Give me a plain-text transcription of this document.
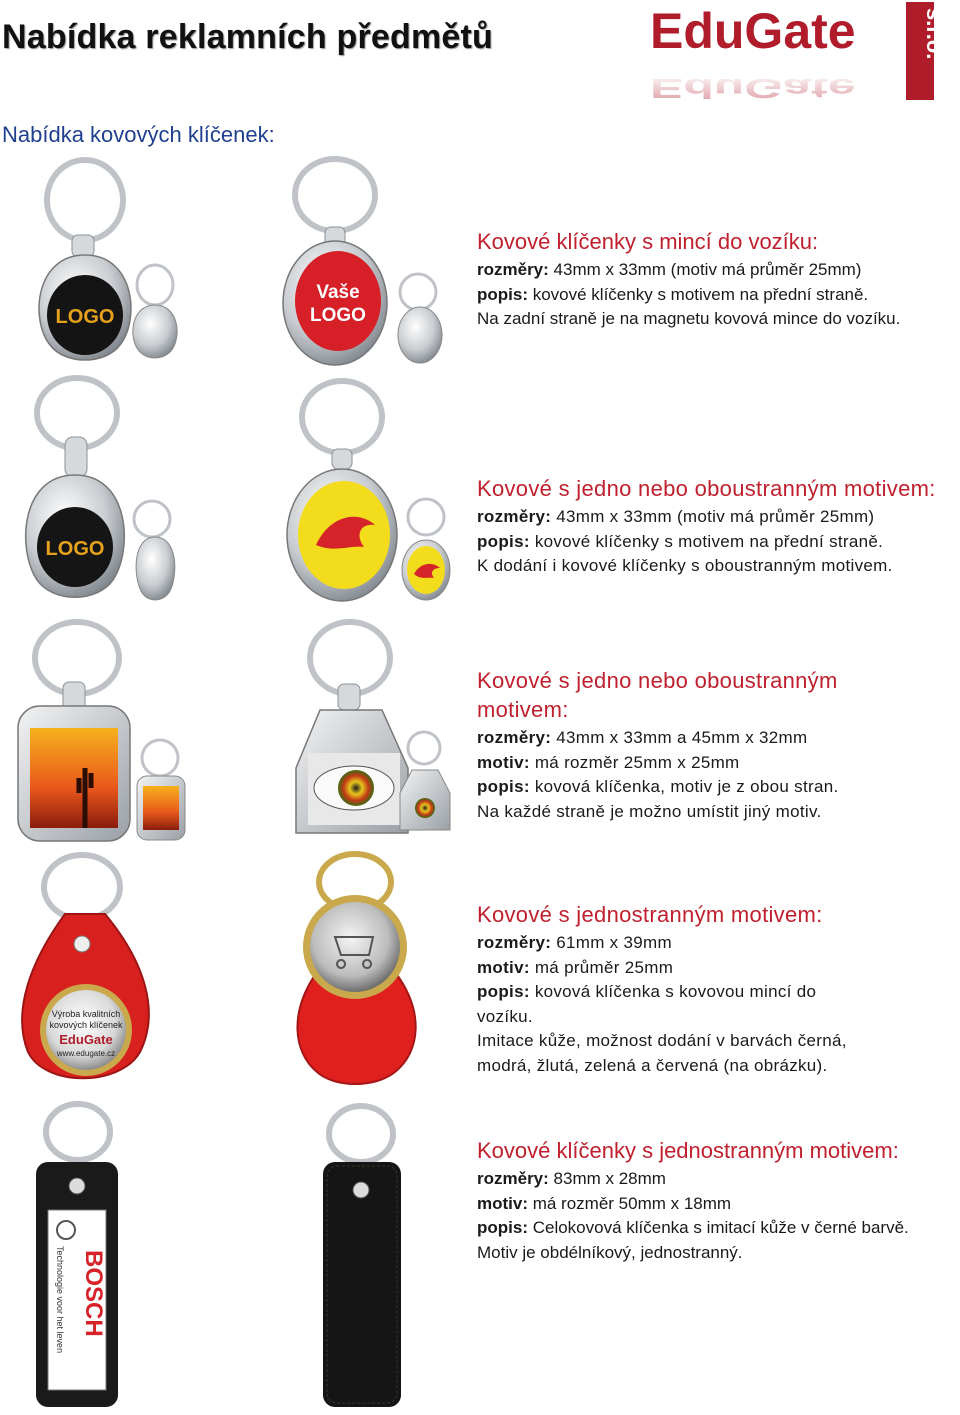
Nabídka reklamních předmětů	EduGate
EduGate
s.r.o.
Nabídka kovových klíčenek:
LOGO
Vaše
LOGO
LOGO
Výroba kvalitních
kovových klíčenek
EduGate
www.edugate.cz
BOSCH
Technologie voor het leven
Kovové klíčenky s mincí do vozíku:

rozměry: 43mm x 33mm (motiv má průměr 25mm)

popis: kovové klíčenky s motivem na přední straně.

Na zadní straně je na magnetu kovová mince do vozíku.

Kovové s jedno nebo oboustranným motivem:

rozměry: 43mm x 33mm (motiv má průměr 25mm)

popis: kovové klíčenky s motivem na přední straně.

K dodání i kovové klíčenky s oboustranným motivem.

Kovové s jedno nebo oboustranným motivem:

rozměry: 43mm x 33mm a 45mm x 32mm

motiv: má rozměr 25mm x 25mm

popis: kovová klíčenka, motiv je z obou stran.

Na každé straně je možno umístit jiný motiv.

Kovové s jednostranným motivem:

rozměry: 61mm x 39mm

motiv: má průměr 25mm

popis: kovová klíčenka s kovovou mincí do vozíku.

Imitace kůže, možnost dodání v barvách černá, modrá, žlutá, zelená a červená (na obrázku).

Kovové klíčenky s jednostranným motivem:

rozměry: 83mm x 28mm

motiv: má rozměr 50mm x 18mm

popis: Celokovová klíčenka s imitací kůže v černé barvě.

Motiv je obdélníkový, jednostranný.
